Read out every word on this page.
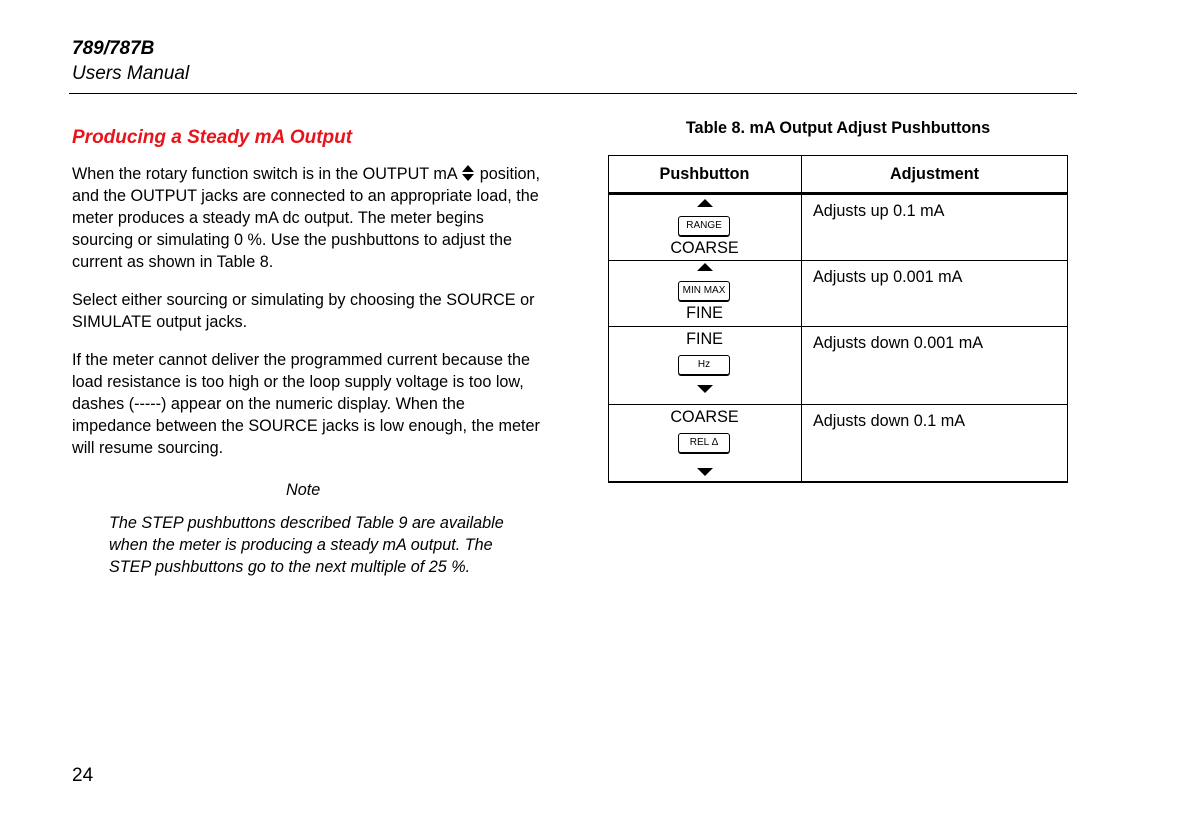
789/787B
Users Manual
Producing a Steady mA Output

When the rotary function switch is in the OUTPUT mA position, and the OUTPUT jacks are connected to an appropriate load, the meter produces a steady mA dc output. The meter begins sourcing or simulating 0 %. Use the pushbuttons to adjust the current as shown in Table 8.

Select either sourcing or simulating by choosing the SOURCE or SIMULATE output jacks.

If the meter cannot deliver the programmed current because the load resistance is too high or the loop supply voltage is too low, dashes (-----) appear on the numeric display. When the impedance between the SOURCE jacks is low enough, the meter will resume sourcing.

Note

The STEP pushbuttons described Table 9 are available when the meter is producing a steady mA output. The STEP pushbuttons go to the next multiple of 25 %.

24
Table 8. mA Output Adjust Pushbuttons
Pushbutton	Adjustment
RANGE
COARSE
Adjusts up 0.1 mA
MIN MAX
FINE
Adjusts up 0.001 mA
FINE
Hz
Adjusts down 0.001 mA
COARSE
REL Δ
Adjusts down 0.1 mA
